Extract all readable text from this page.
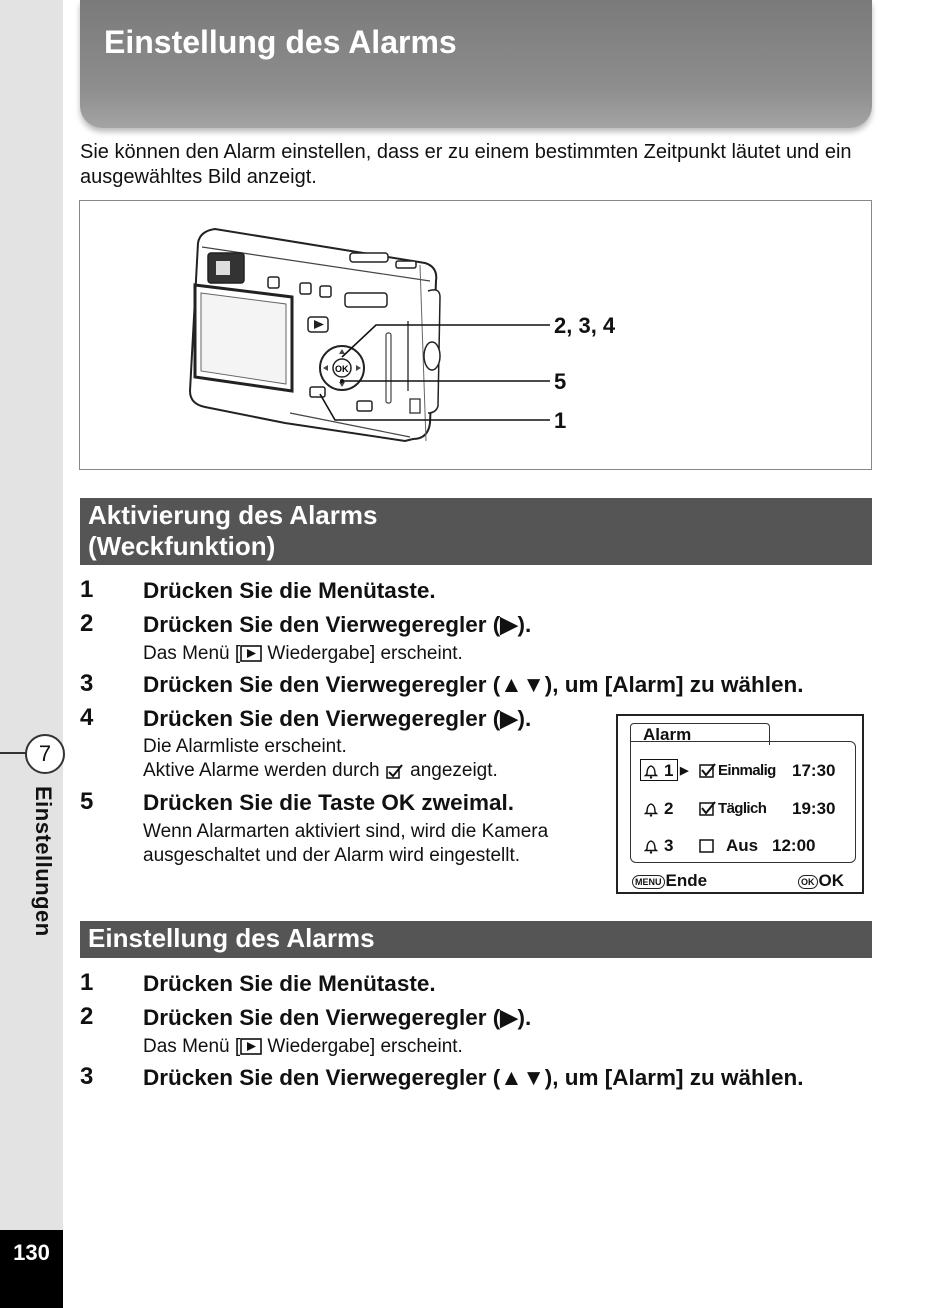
7
Einstellungen
130
Einstellung des Alarms
Sie können den Alarm einstellen, dass er zu einem bestimmten Zeitpunkt läutet und ein ausgewähltes Bild anzeigt.
OK
2, 3, 4
5
1
Aktivierung des Alarms (Weckfunktion)
1 Drücken Sie die Menütaste.
2 Drücken Sie den Vierwegeregler (▶).
Das Menü [ Wiedergabe] erscheint.
3 Drücken Sie den Vierwegeregler (▲▼), um [Alarm] zu wählen.
4 Drücken Sie den Vierwegeregler (▶).
Die Alarmliste erscheint.
Aktive Alarme werden durch  angezeigt.
5 Drücken Sie die Taste OK zweimal.
Wenn Alarmarten aktiviert sind, wird die Kamera
ausgeschaltet und der Alarm wird eingestellt.
Alarm
1 ▶ Einmalig 17:30
2	Täglich 19:30
3	Aus 12:00
MENU Ende	OK OK
Einstellung des Alarms
1 Drücken Sie die Menütaste.
2 Drücken Sie den Vierwegeregler (▶).
Das Menü [ Wiedergabe] erscheint.
3 Drücken Sie den Vierwegeregler (▲▼), um [Alarm] zu wählen.
